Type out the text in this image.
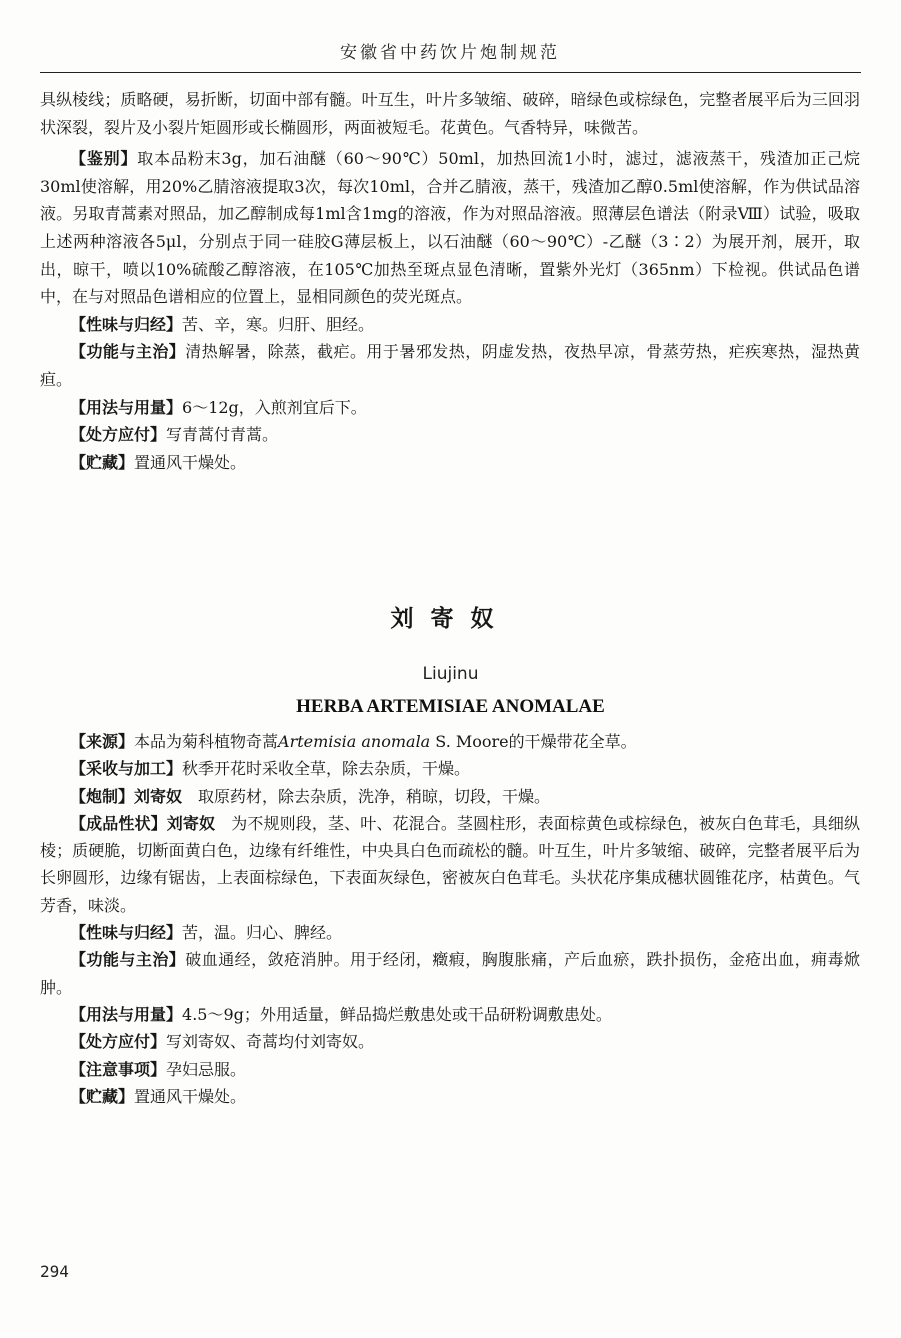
安徽省中药饮片炮制规范

具纵棱线；质略硬，易折断，切面中部有髓。叶互生，叶片多皱缩、破碎，暗绿色或棕绿色，完整者展平后为三回羽状深裂，裂片及小裂片矩圆形或长椭圆形，两面被短毛。花黄色。气香特异，味微苦。

【鉴别】取本品粉末3g，加石油醚（60～90℃）50ml，加热回流1小时，滤过，滤液蒸干，残渣加正己烷30ml使溶解，用20%乙腈溶液提取3次，每次10ml，合并乙腈液，蒸干，残渣加乙醇0.5ml使溶解，作为供试品溶液。另取青蒿素对照品，加乙醇制成每1ml含1mg的溶液，作为对照品溶液。照薄层色谱法（附录Ⅷ）试验，吸取上述两种溶液各5μl，分别点于同一硅胶G薄层板上，以石油醚（60～90℃）-乙醚（3∶2）为展开剂，展开，取出，晾干，喷以10%硫酸乙醇溶液，在105℃加热至斑点显色清晰，置紫外光灯（365nm）下检视。供试品色谱中，在与对照品色谱相应的位置上，显相同颜色的荧光斑点。

【性味与归经】苦、辛，寒。归肝、胆经。

【功能与主治】清热解暑，除蒸，截疟。用于暑邪发热，阴虚发热，夜热早凉，骨蒸劳热，疟疾寒热，湿热黄疸。

【用法与用量】6～12g，入煎剂宜后下。

【处方应付】写青蒿付青蒿。

【贮藏】置通风干燥处。

刘寄奴
Liujinu
HERBA ARTEMISIAE ANOMALAE

【来源】本品为菊科植物奇蒿Artemisia anomala S. Moore的干燥带花全草。

【采收与加工】秋季开花时采收全草，除去杂质，干燥。

【炮制】刘寄奴　取原药材，除去杂质，洗净，稍晾，切段，干燥。

【成品性状】刘寄奴　为不规则段，茎、叶、花混合。茎圆柱形，表面棕黄色或棕绿色，被灰白色茸毛，具细纵棱；质硬脆，切断面黄白色，边缘有纤维性，中央具白色而疏松的髓。叶互生，叶片多皱缩、破碎，完整者展平后为长卵圆形，边缘有锯齿，上表面棕绿色，下表面灰绿色，密被灰白色茸毛。头状花序集成穗状圆锥花序，枯黄色。气芳香，味淡。

【性味与归经】苦，温。归心、脾经。

【功能与主治】破血通经，敛疮消肿。用于经闭，癥瘕，胸腹胀痛，产后血瘀，跌扑损伤，金疮出血，痈毒焮肿。

【用法与用量】4.5～9g；外用适量，鲜品捣烂敷患处或干品研粉调敷患处。

【处方应付】写刘寄奴、奇蒿均付刘寄奴。

【注意事项】孕妇忌服。

【贮藏】置通风干燥处。

294
